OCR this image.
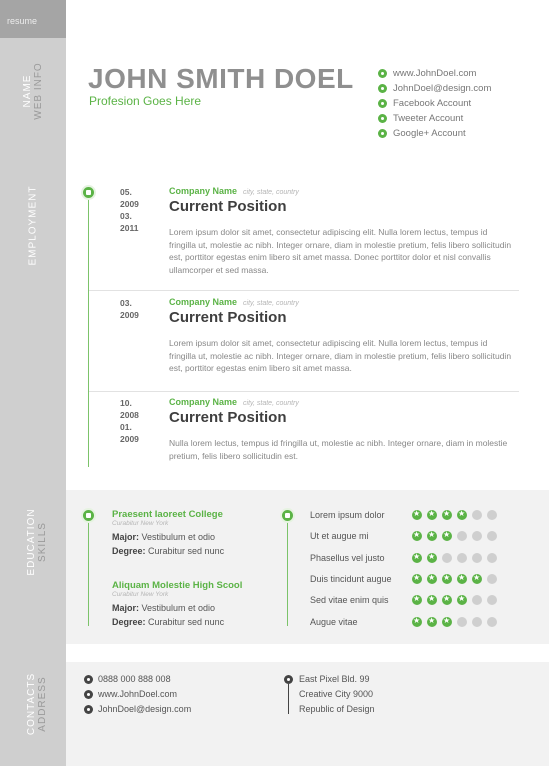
resume
NAME WEB INFO
EMPLOYMENT
EDUCATION SKILLS
CONTACTS ADDRESS
JOHN SMITH DOEL
Profesion Goes Here
www.JohnDoel.com
JohnDoel@design.com
Facebook Account
Tweeter Account
Google+ Account
05. 2009
03. 2011
Company Name city, state, country
Current Position
Lorem ipsum dolor sit amet, consectetur adipiscing elit. Nulla lorem lectus, tempus id fringilla ut, molestie ac nibh. Integer ornare, diam in molestie pretium, felis libero sollicitudin est, porttitor egestas enim libero sit amet massa. Donec porttitor dolor et nisl convallis ullamcorper et sed massa.
03. 2009
Company Name city, state, country
Current Position
Lorem ipsum dolor sit amet, consectetur adipiscing elit. Nulla lorem lectus, tempus id fringilla ut, molestie ac nibh. Integer ornare, diam in molestie pretium, felis libero sollicitudin est, porttitor egestas enim libero sit amet massa.
10. 2008
01. 2009
Company Name city, state, country
Current Position
Nulla lorem lectus, tempus id fringilla ut, molestie ac nibh. Integer ornare, diam in molestie pretium, felis libero sollicitudin est.
Praesent Iaoreet College
Curabitur New York
Major: Vestibulum et odio
Degree: Curabitur sed nunc
Aliquam Molestie High Scool
Curabitur New York
Major: Vestibulum et odio
Degree: Curabitur sed nunc
Lorem ipsum dolor
★
★
★
★
Ut et augue mi
★
★
★
Phasellus vel justo
★
★
Duis tincidunt augue
★
★
★
★
★
Sed vitae enim quis
★
★
★
★
Augue vitae
★
★
★
0888 000 888 008
www.JohnDoel.com
JohnDoel@design.com
East Pixel Bld. 99
Creative City 9000
Republic of Design
